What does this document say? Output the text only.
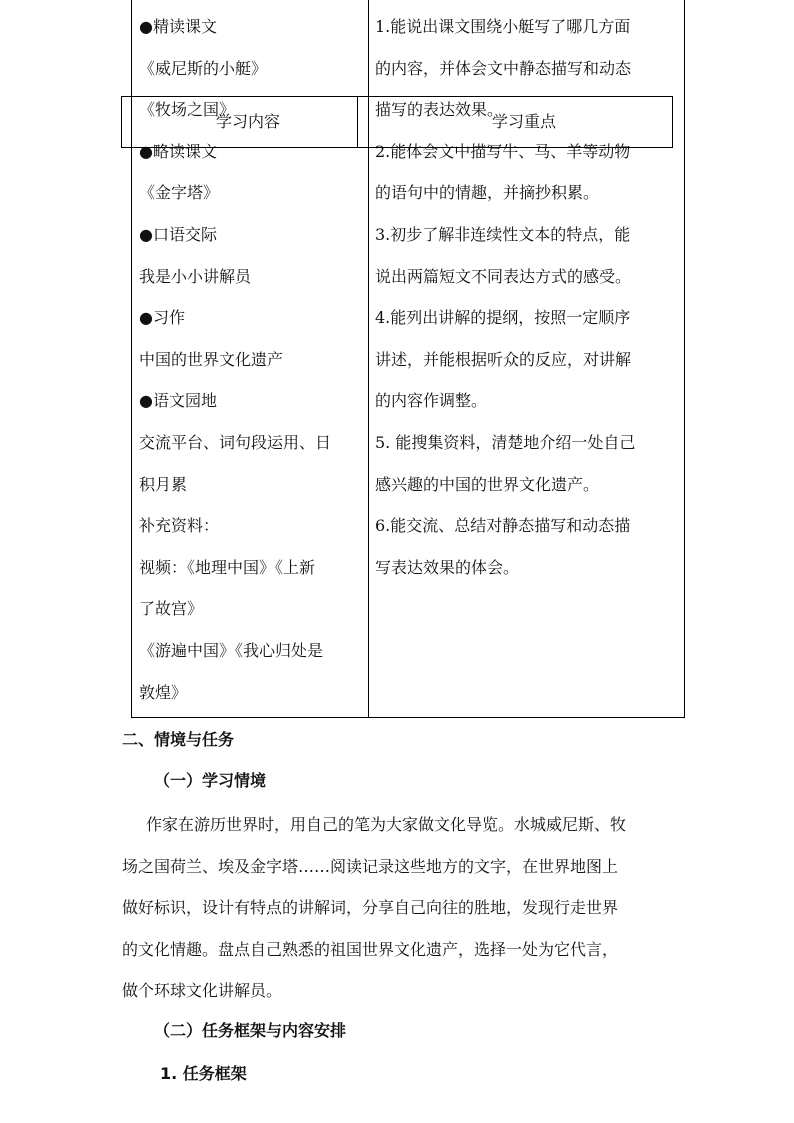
●精读课文
《威尼斯的小艇》
《牧场之国》
●略读课文
《金字塔》
●口语交际
我是小小讲解员
●习作
中国的世界文化遗产
●语文园地
交流平台、词句段运用、日
积月累
补充资料：
视频：《地理中国》《上新
了故宫》
《游遍中国》《我心归处是
敦煌》
1.能说出课文围绕小艇写了哪几方面
的内容，并体会文中静态描写和动态
描写的表达效果。
2.能体会文中描写牛、马、羊等动物
的语句中的情趣，并摘抄积累。
3.初步了解非连续性文本的特点，能
说出两篇短文不同表达方式的感受。
4.能列出讲解的提纲，按照一定顺序
讲述，并能根据听众的反应，对讲解
的内容作调整。
5. 能搜集资料，清楚地介绍一处自己
感兴趣的中国的世界文化遗产。
6.能交流、总结对静态描写和动态描
写表达效果的体会。
学习内容	学习重点
二、情境与任务
（一）学习情境
作家在游历世界时，用自己的笔为大家做文化导览。水城威尼斯、牧
场之国荷兰、埃及金字塔……阅读记录这些地方的文字，在世界地图上
做好标识，设计有特点的讲解词，分享自己向往的胜地，发现行走世界
的文化情趣。盘点自己熟悉的祖国世界文化遗产，选择一处为它代言，
做个环球文化讲解员。
（二）任务框架与内容安排
1. 任务框架
